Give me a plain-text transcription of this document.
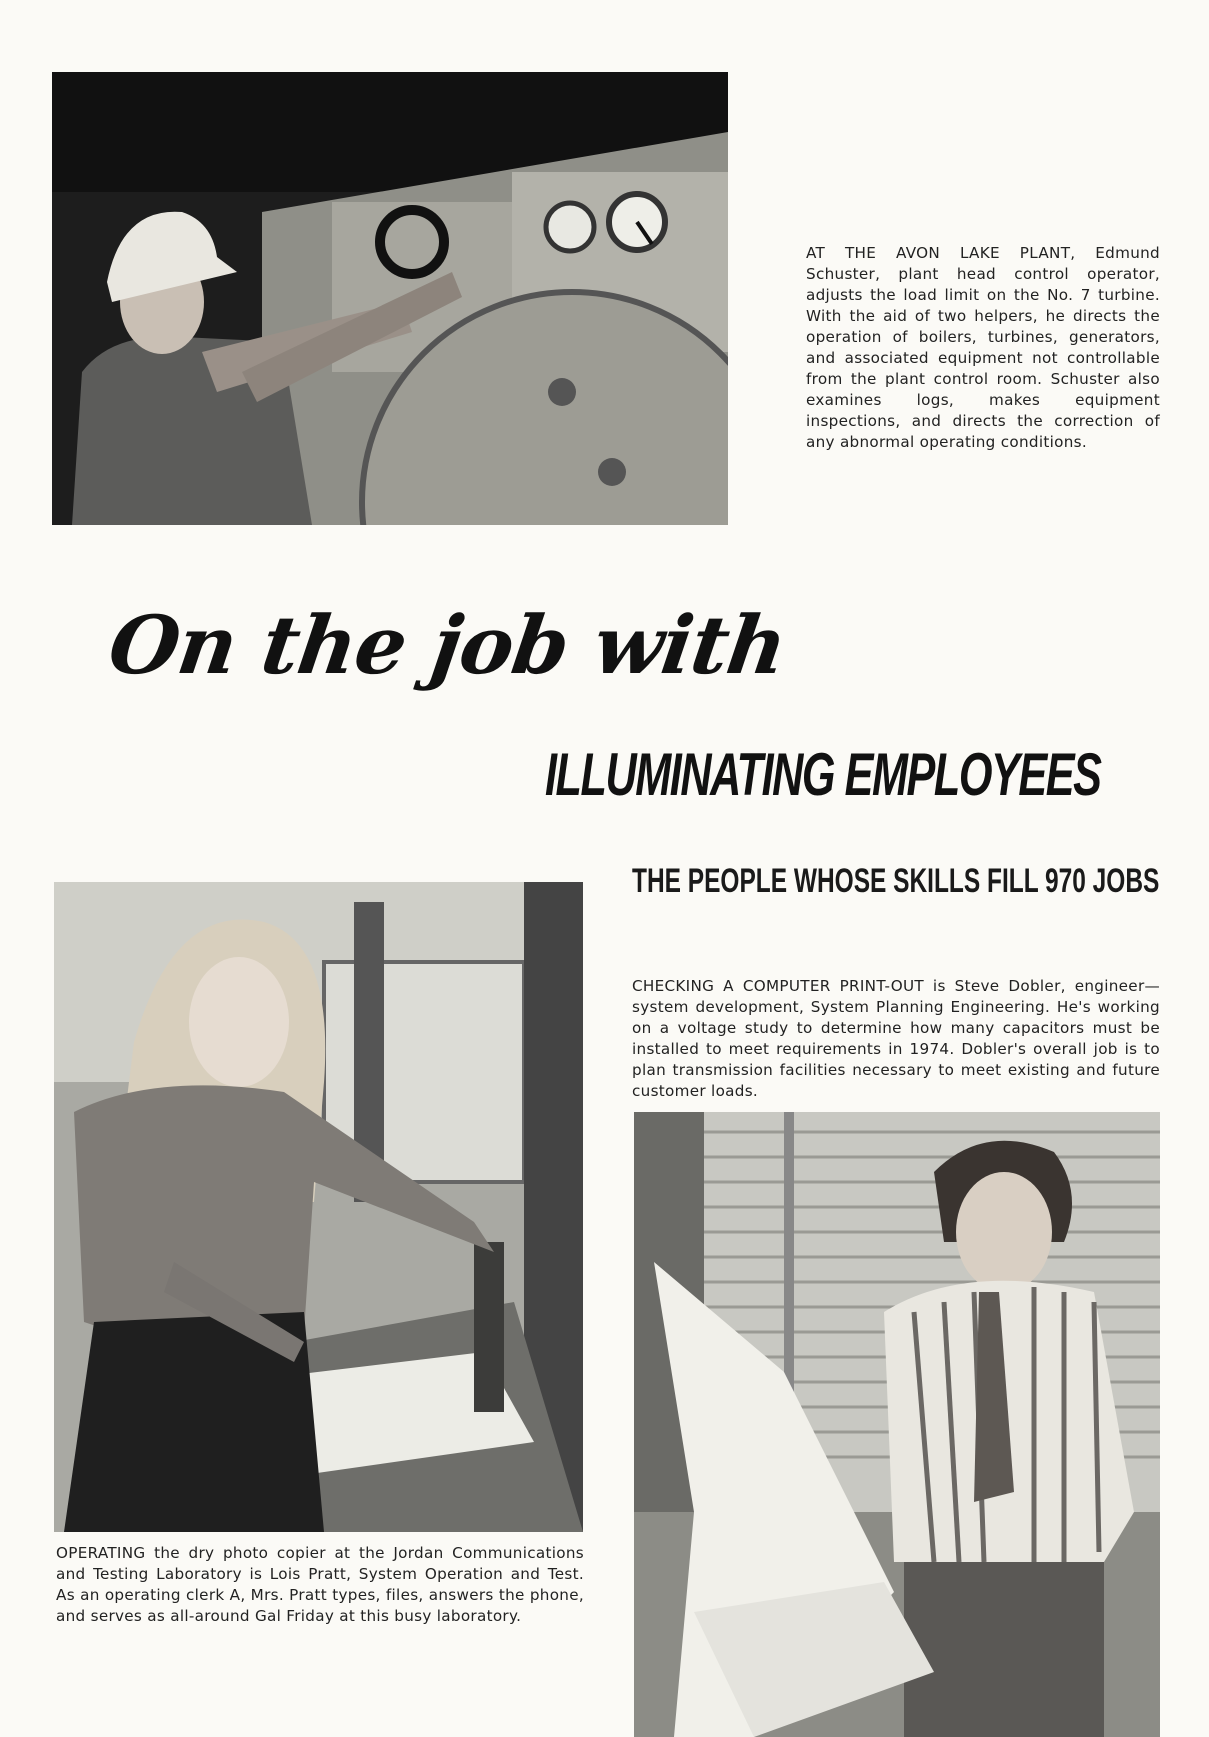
AT THE AVON LAKE PLANT, Edmund Schuster, plant head control operator, adjusts the load limit on the No. 7 turbine. With the aid of two helpers, he directs the operation of boilers, turbines, generators, and associated equipment not controllable from the plant control room. Schuster also examines logs, makes equipment inspections, and directs the correction of any abnormal operating conditions.
On the job with
ILLUMINATING EMPLOYEES
THE PEOPLE WHOSE SKILLS FILL 970 JOBS
OPERATING the dry photo copier at the Jordan Communications and Testing Laboratory is Lois Pratt, System Operation and Test. As an operating clerk A, Mrs. Pratt types, files, answers the phone, and serves as all-around Gal Friday at this busy laboratory.
CHECKING A COMPUTER PRINT-OUT is Steve Dobler, engineer—system development, System Planning Engineering. He's working on a voltage study to determine how many capacitors must be installed to meet requirements in 1974. Dobler's overall job is to plan transmission facilities necessary to meet existing and future customer loads.
